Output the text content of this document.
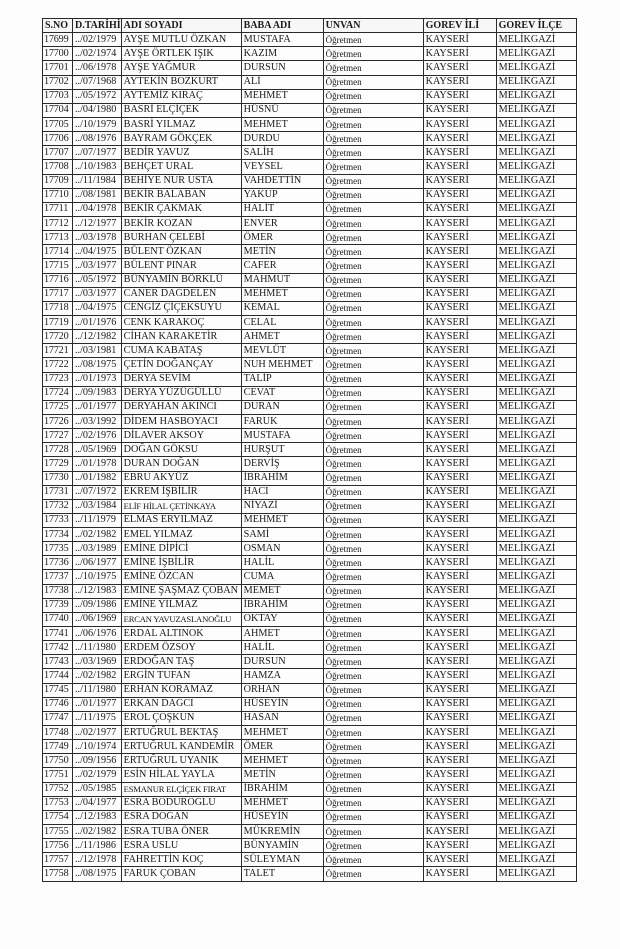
S.NO	D.TARİHİ	ADI SOYADI	BABA ADI	UNVAN	GOREV İLİ	GOREV İLÇE
17699	../02/1979	AYŞE MUTLU ÖZKAN	MUSTAFA	Öğretmen	KAYSERİ	MELİKGAZİ
17700	../02/1974	AYŞE ÖRTLEK IŞIK	KAZIM	Öğretmen	KAYSERİ	MELİKGAZİ
17701	../06/1978	AYŞE YAĞMUR	DURSUN	Öğretmen	KAYSERİ	MELİKGAZİ
17702	../07/1968	AYTEKİN BOZKURT	ALİ	Öğretmen	KAYSERİ	MELİKGAZİ
17703	../05/1972	AYTEMİZ KIRAÇ	MEHMET	Öğretmen	KAYSERİ	MELİKGAZİ
17704	../04/1980	BASRİ ELÇİÇEK	HÜSNÜ	Öğretmen	KAYSERİ	MELİKGAZİ
17705	../10/1979	BASRİ YILMAZ	MEHMET	Öğretmen	KAYSERİ	MELİKGAZİ
17706	../08/1976	BAYRAM GÖKÇEK	DURDU	Öğretmen	KAYSERİ	MELİKGAZİ
17707	../07/1977	BEDİR YAVUZ	SALİH	Öğretmen	KAYSERİ	MELİKGAZİ
17708	../10/1983	BEHÇET URAL	VEYSEL	Öğretmen	KAYSERİ	MELİKGAZİ
17709	../11/1984	BEHİYE NUR USTA	VAHDETTİN	Öğretmen	KAYSERİ	MELİKGAZİ
17710	../08/1981	BEKİR BALABAN	YAKUP	Öğretmen	KAYSERİ	MELİKGAZİ
17711	../04/1978	BEKİR ÇAKMAK	HALİT	Öğretmen	KAYSERİ	MELİKGAZİ
17712	../12/1977	BEKİR KOZAN	ENVER	Öğretmen	KAYSERİ	MELİKGAZİ
17713	../03/1978	BURHAN ÇELEBİ	ÖMER	Öğretmen	KAYSERİ	MELİKGAZİ
17714	../04/1975	BÜLENT ÖZKAN	METİN	Öğretmen	KAYSERİ	MELİKGAZİ
17715	../03/1977	BÜLENT PINAR	CAFER	Öğretmen	KAYSERİ	MELİKGAZİ
17716	../05/1972	BÜNYAMİN BÖRKLÜ	MAHMUT	Öğretmen	KAYSERİ	MELİKGAZİ
17717	../03/1977	CANER DAĞDELEN	MEHMET	Öğretmen	KAYSERİ	MELİKGAZİ
17718	../04/1975	CENGİZ ÇİÇEKSUYU	KEMAL	Öğretmen	KAYSERİ	MELİKGAZİ
17719	../01/1976	CENK KARAKOÇ	CELAL	Öğretmen	KAYSERİ	MELİKGAZİ
17720	../12/1982	CİHAN KARAKETİR	AHMET	Öğretmen	KAYSERİ	MELİKGAZİ
17721	../03/1981	CUMA KABATAŞ	MEVLÜT	Öğretmen	KAYSERİ	MELİKGAZİ
17722	../08/1975	ÇETİN DOĞANÇAY	NUH MEHMET	Öğretmen	KAYSERİ	MELİKGAZİ
17723	../01/1973	DERYA SEVİM	TALİP	Öğretmen	KAYSERİ	MELİKGAZİ
17724	../09/1983	DERYA YÜZÜGÜLLÜ	CEVAT	Öğretmen	KAYSERİ	MELİKGAZİ
17725	../01/1977	DERYAHAN AKINCI	DURAN	Öğretmen	KAYSERİ	MELİKGAZİ
17726	../03/1992	DİDEM HASBOYACI	FARUK	Öğretmen	KAYSERİ	MELİKGAZİ
17727	../02/1976	DİLAVER AKSOY	MUSTAFA	Öğretmen	KAYSERİ	MELİKGAZİ
17728	../05/1969	DOĞAN GÖKSU	HURŞUT	Öğretmen	KAYSERİ	MELİKGAZİ
17729	../01/1978	DURAN DOĞAN	DERVİŞ	Öğretmen	KAYSERİ	MELİKGAZİ
17730	../01/1982	EBRU AKYÜZ	İBRAHİM	Öğretmen	KAYSERİ	MELİKGAZİ
17731	../07/1972	EKREM İŞBİLİR	HACI	Öğretmen	KAYSERİ	MELİKGAZİ
17732	../03/1984	ELİF HİLAL ÇETİNKAYA	NİYAZİ	Öğretmen	KAYSERİ	MELİKGAZİ
17733	../11/1979	ELMAS ERYILMAZ	MEHMET	Öğretmen	KAYSERİ	MELİKGAZİ
17734	../02/1982	EMEL YILMAZ	SAMİ	Öğretmen	KAYSERİ	MELİKGAZİ
17735	../03/1989	EMİNE DİPİCİ	OSMAN	Öğretmen	KAYSERİ	MELİKGAZİ
17736	../06/1977	EMİNE İŞBİLİR	HALİL	Öğretmen	KAYSERİ	MELİKGAZİ
17737	../10/1975	EMİNE ÖZCAN	CUMA	Öğretmen	KAYSERİ	MELİKGAZİ
17738	../12/1983	EMİNE ŞAŞMAZ ÇOBAN	MEMET	Öğretmen	KAYSERİ	MELİKGAZİ
17739	../09/1986	EMİNE YILMAZ	İBRAHİM	Öğretmen	KAYSERİ	MELİKGAZİ
17740	../06/1969	ERCAN YAVUZASLANOĞLU	OKTAY	Öğretmen	KAYSERİ	MELİKGAZİ
17741	../06/1976	ERDAL ALTINOK	AHMET	Öğretmen	KAYSERİ	MELİKGAZİ
17742	../11/1980	ERDEM ÖZSOY	HALİL	Öğretmen	KAYSERİ	MELİKGAZİ
17743	../03/1969	ERDOĞAN TAŞ	DURSUN	Öğretmen	KAYSERİ	MELİKGAZİ
17744	../02/1982	ERGİN TUFAN	HAMZA	Öğretmen	KAYSERİ	MELİKGAZİ
17745	../11/1980	ERHAN KORAMAZ	ORHAN	Öğretmen	KAYSERİ	MELİKGAZİ
17746	../01/1977	ERKAN DAĞCI	HÜSEYİN	Öğretmen	KAYSERİ	MELİKGAZİ
17747	../11/1975	EROL ÇOŞKUN	HASAN	Öğretmen	KAYSERİ	MELİKGAZİ
17748	../02/1977	ERTUĞRUL BEKTAŞ	MEHMET	Öğretmen	KAYSERİ	MELİKGAZİ
17749	../10/1974	ERTUĞRUL KANDEMİR	ÖMER	Öğretmen	KAYSERİ	MELİKGAZİ
17750	../09/1956	ERTUĞRUL UYANIK	MEHMET	Öğretmen	KAYSERİ	MELİKGAZİ
17751	../02/1979	ESİN HİLAL YAYLA	METİN	Öğretmen	KAYSERİ	MELİKGAZİ
17752	../05/1985	ESMANUR ELÇİÇEK FIRAT	İBRAHİM	Öğretmen	KAYSERİ	MELİKGAZİ
17753	../04/1977	ESRA BODUROĞLU	MEHMET	Öğretmen	KAYSERİ	MELİKGAZİ
17754	../12/1983	ESRA DOĞAN	HÜSEYİN	Öğretmen	KAYSERİ	MELİKGAZİ
17755	../02/1982	ESRA TUBA ÖNER	MÜKREMİN	Öğretmen	KAYSERİ	MELİKGAZİ
17756	../11/1986	ESRA USLU	BÜNYAMİN	Öğretmen	KAYSERİ	MELİKGAZİ
17757	../12/1978	FAHRETTİN KOÇ	SÜLEYMAN	Öğretmen	KAYSERİ	MELİKGAZİ
17758	../08/1975	FARUK ÇOBAN	TALET	Öğretmen	KAYSERİ	MELİKGAZİ
